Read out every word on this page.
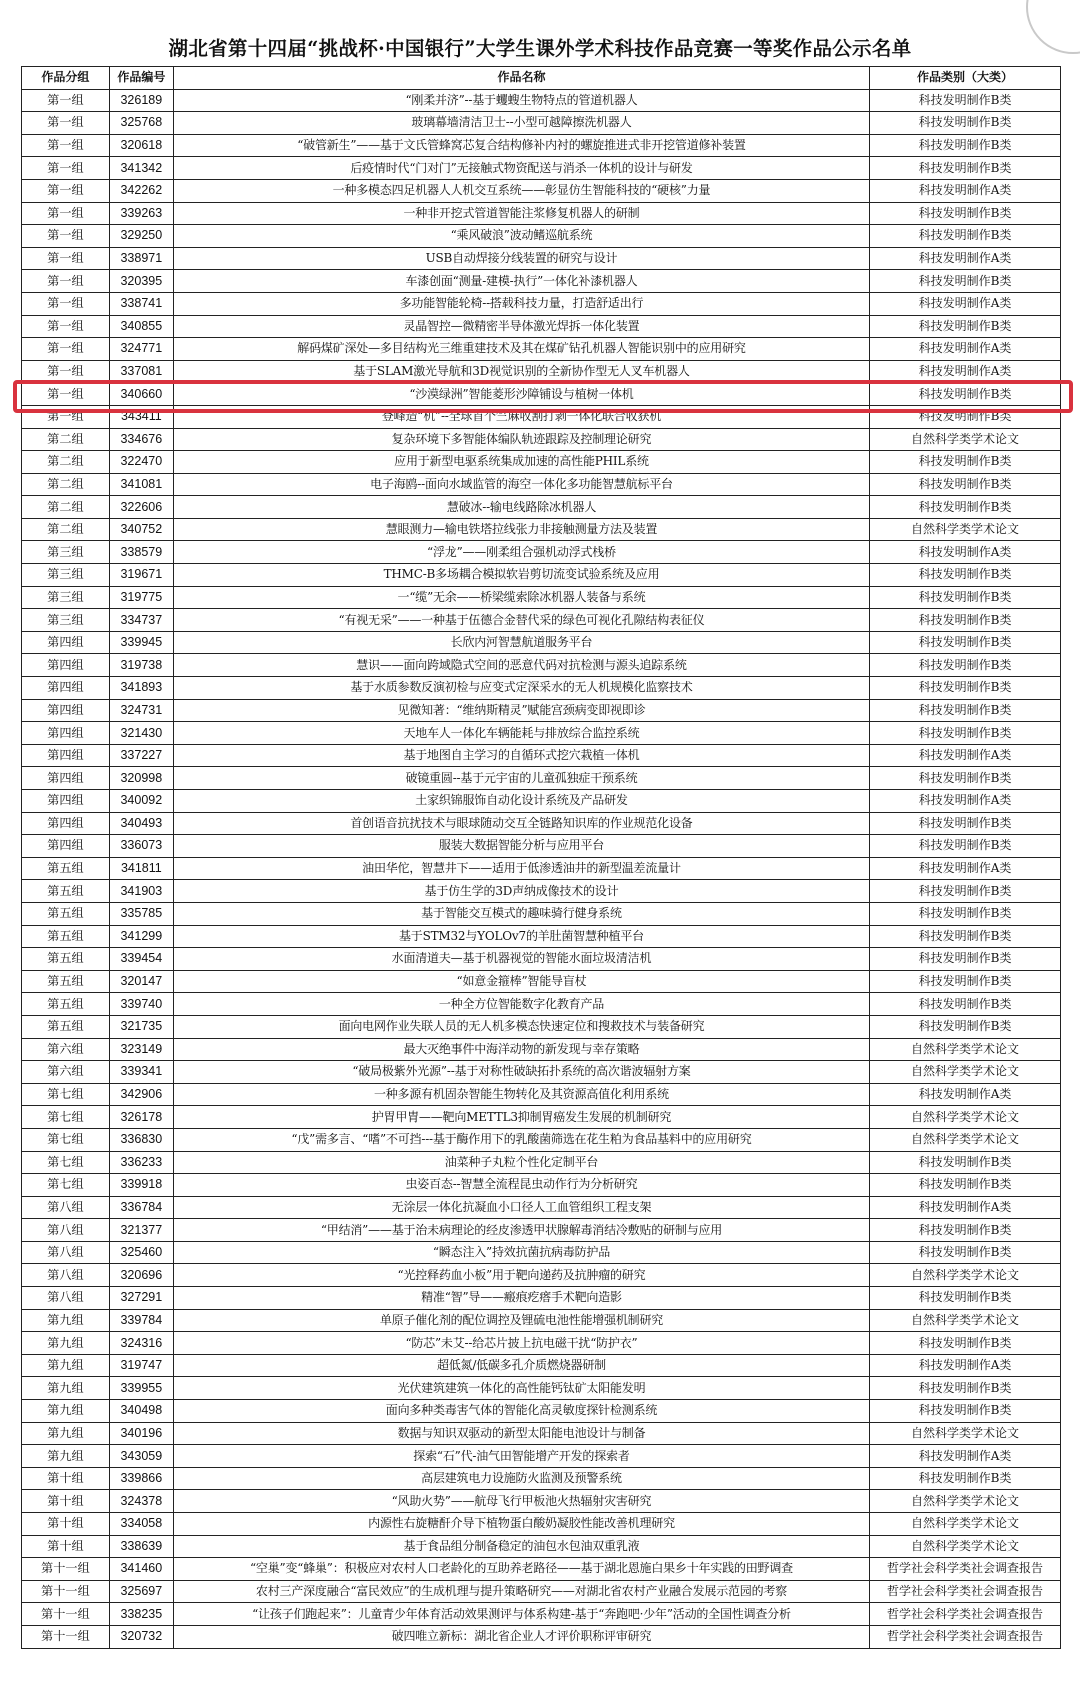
湖北省第十四届“挑战杯·中国银行”大学生课外学术科技作品竞赛一等奖作品公示名单
作品分组	作品编号	作品名称	作品类别（大类）
第一组	326189	“刚柔并济”--基于蠼螋生物特点的管道机器人	科技发明制作B类
第一组	325768	玻璃幕墙清洁卫士--小型可越障擦洗机器人	科技发明制作B类
第一组	320618	“破管新生”——基于文氏管蜂窝芯复合结构修补内衬的螺旋推进式非开挖管道修补装置	科技发明制作B类
第一组	341342	后疫情时代“门对门”无接触式物资配送与消杀一体机的设计与研发	科技发明制作B类
第一组	342262	一种多模态四足机器人人机交互系统——彰显仿生智能科技的“硬核”力量	科技发明制作A类
第一组	339263	一种非开挖式管道智能注浆修复机器人的研制	科技发明制作B类
第一组	329250	“乘风破浪”波动鳍巡航系统	科技发明制作B类
第一组	338971	USB自动焊接分线装置的研究与设计	科技发明制作A类
第一组	320395	车漆创面“测量-建模-执行”一体化补漆机器人	科技发明制作B类
第一组	338741	多功能智能轮椅--搭载科技力量，打造舒适出行	科技发明制作A类
第一组	340855	灵晶智控—微精密半导体激光焊拆一体化装置	科技发明制作B类
第一组	324771	解码煤矿深处—多目结构光三维重建技术及其在煤矿钻孔机器人智能识别中的应用研究	科技发明制作A类
第一组	337081	基于SLAM激光导航和3D视觉识别的全新协作型无人叉车机器人	科技发明制作A类
第一组	340660	“沙漠绿洲”智能菱形沙障铺设与植树一体机	科技发明制作B类
第一组	343411	登峰造“机”--全球首个竺麻收割打剥一体化联合收获机	科技发明制作B类
第二组	334676	复杂环境下多智能体编队轨迹跟踪及控制理论研究	自然科学类学术论文
第二组	322470	应用于新型电驱系统集成加速的高性能PHIL系统	科技发明制作B类
第二组	341081	电子海鸥--面向水域监管的海空一体化多功能智慧航标平台	科技发明制作B类
第二组	322606	慧破冰--输电线路除冰机器人	科技发明制作B类
第二组	340752	慧眼测力—输电铁塔拉线张力非接触测量方法及装置	自然科学类学术论文
第三组	338579	“浮龙”——刚柔组合强机动浮式栈桥	科技发明制作A类
第三组	319671	THMC-B多场耦合模拟软岩剪切流变试验系统及应用	科技发明制作B类
第三组	319775	一“缆”无余——桥梁缆索除冰机器人装备与系统	科技发明制作B类
第三组	334737	“有视无采”——一种基于伍德合金替代采的绿色可视化孔隙结构表征仪	科技发明制作B类
第四组	339945	长欣内河智慧航道服务平台	科技发明制作B类
第四组	319738	慧识——面向跨域隐式空间的恶意代码对抗检测与源头追踪系统	科技发明制作B类
第四组	341893	基于水质参数反演初检与应变式定深采水的无人机规模化监察技术	科技发明制作B类
第四组	324731	见微知著：“维纳斯精灵”赋能宫颈病变即视即诊	科技发明制作B类
第四组	321430	天地车人一体化车辆能耗与排放综合监控系统	科技发明制作B类
第四组	337227	基于地图自主学习的自循环式挖穴栽植一体机	科技发明制作A类
第四组	320998	破镜重圆--基于元宇宙的儿童孤独症干预系统	科技发明制作B类
第四组	340092	土家织锦服饰自动化设计系统及产品研发	科技发明制作A类
第四组	340493	首创语音抗扰技术与眼球随动交互全链路知识库的作业规范化设备	科技发明制作B类
第四组	336073	服装大数据智能分析与应用平台	科技发明制作B类
第五组	341811	油田华佗，智慧井下——适用于低渗透油井的新型温差流量计	科技发明制作A类
第五组	341903	基于仿生学的3D声纳成像技术的设计	科技发明制作B类
第五组	335785	基于智能交互模式的趣味骑行健身系统	科技发明制作B类
第五组	341299	基于STM32与YOLOv7的羊肚菌智慧种植平台	科技发明制作B类
第五组	339454	水面清道夫—基于机器视觉的智能水面垃圾清洁机	科技发明制作B类
第五组	320147	“如意金箍棒”智能导盲杖	科技发明制作B类
第五组	339740	一种全方位智能数字化教育产品	科技发明制作B类
第五组	321735	面向电网作业失联人员的无人机多模态快速定位和搜救技术与装备研究	科技发明制作B类
第六组	323149	最大灭绝事件中海洋动物的新发现与幸存策略	自然科学类学术论文
第六组	339341	“破局极紫外光源”--基于对称性破缺拓扑系统的高次谐波辐射方案	自然科学类学术论文
第七组	342906	一种多源有机固杂智能生物转化及其资源高值化利用系统	科技发明制作A类
第七组	326178	护胃甲胄——靶向METTL3抑制胃癌发生发展的机制研究	自然科学类学术论文
第七组	336830	“戊”需多言、“嗜”不可挡---基于酶作用下的乳酸菌筛选在花生粕为食品基料中的应用研究	自然科学类学术论文
第七组	336233	油菜种子丸粒个性化定制平台	科技发明制作B类
第七组	339918	虫姿百态--智慧全流程昆虫动作行为分析研究	科技发明制作B类
第八组	336784	无涂层一体化抗凝血小口径人工血管组织工程支架	科技发明制作A类
第八组	321377	“甲结消”——基于治未病理论的经皮渗透甲状腺解毒消结冷敷贴的研制与应用	科技发明制作B类
第八组	325460	“瞬态注入”持效抗菌抗病毒防护品	科技发明制作B类
第八组	320696	“光控释药血小板”用于靶向递药及抗肿瘤的研究	自然科学类学术论文
第八组	327291	精准“智”导——瘢痕疙瘩手术靶向造影	科技发明制作B类
第九组	339784	单原子催化剂的配位调控及锂硫电池性能增强机制研究	自然科学类学术论文
第九组	324316	“防芯”未艾--给芯片披上抗电磁干扰“防护衣”	科技发明制作B类
第九组	319747	超低氮/低碳多孔介质燃烧器研制	科技发明制作A类
第九组	339955	光伏建筑建筑一体化的高性能钙钛矿太阳能发明	科技发明制作B类
第九组	340498	面向多种类毒害气体的智能化高灵敏度探针检测系统	科技发明制作B类
第九组	340196	数据与知识双驱动的新型太阳能电池设计与制备	自然科学类学术论文
第九组	343059	探索“石”代-油气田智能增产开发的探索者	科技发明制作A类
第十组	339866	高层建筑电力设施防火监测及预警系统	科技发明制作B类
第十组	324378	“风助火势”——航母飞行甲板池火热辐射灾害研究	自然科学类学术论文
第十组	334058	内源性右旋糖酐介导下植物蛋白酸奶凝胶性能改善机理研究	自然科学类学术论文
第十组	338639	基于食品组分制备稳定的油包水包油双重乳液	自然科学类学术论文
第十一组	341460	“空巢”变“蜂巢”：积极应对农村人口老龄化的互助养老路径——基于湖北恩施白果乡十年实践的田野调查	哲学社会科学类社会调查报告
第十一组	325697	农村三产深度融合“富民效应”的生成机理与提升策略研究——对湖北省农村产业融合发展示范园的考察	哲学社会科学类社会调查报告
第十一组	338235	“让孩子们跑起来”：儿童青少年体育活动效果测评与体系构建-基于“奔跑吧·少年”活动的全国性调查分析	哲学社会科学类社会调查报告
第十一组	320732	破四唯立新标：湖北省企业人才评价职称评审研究	哲学社会科学类社会调查报告
